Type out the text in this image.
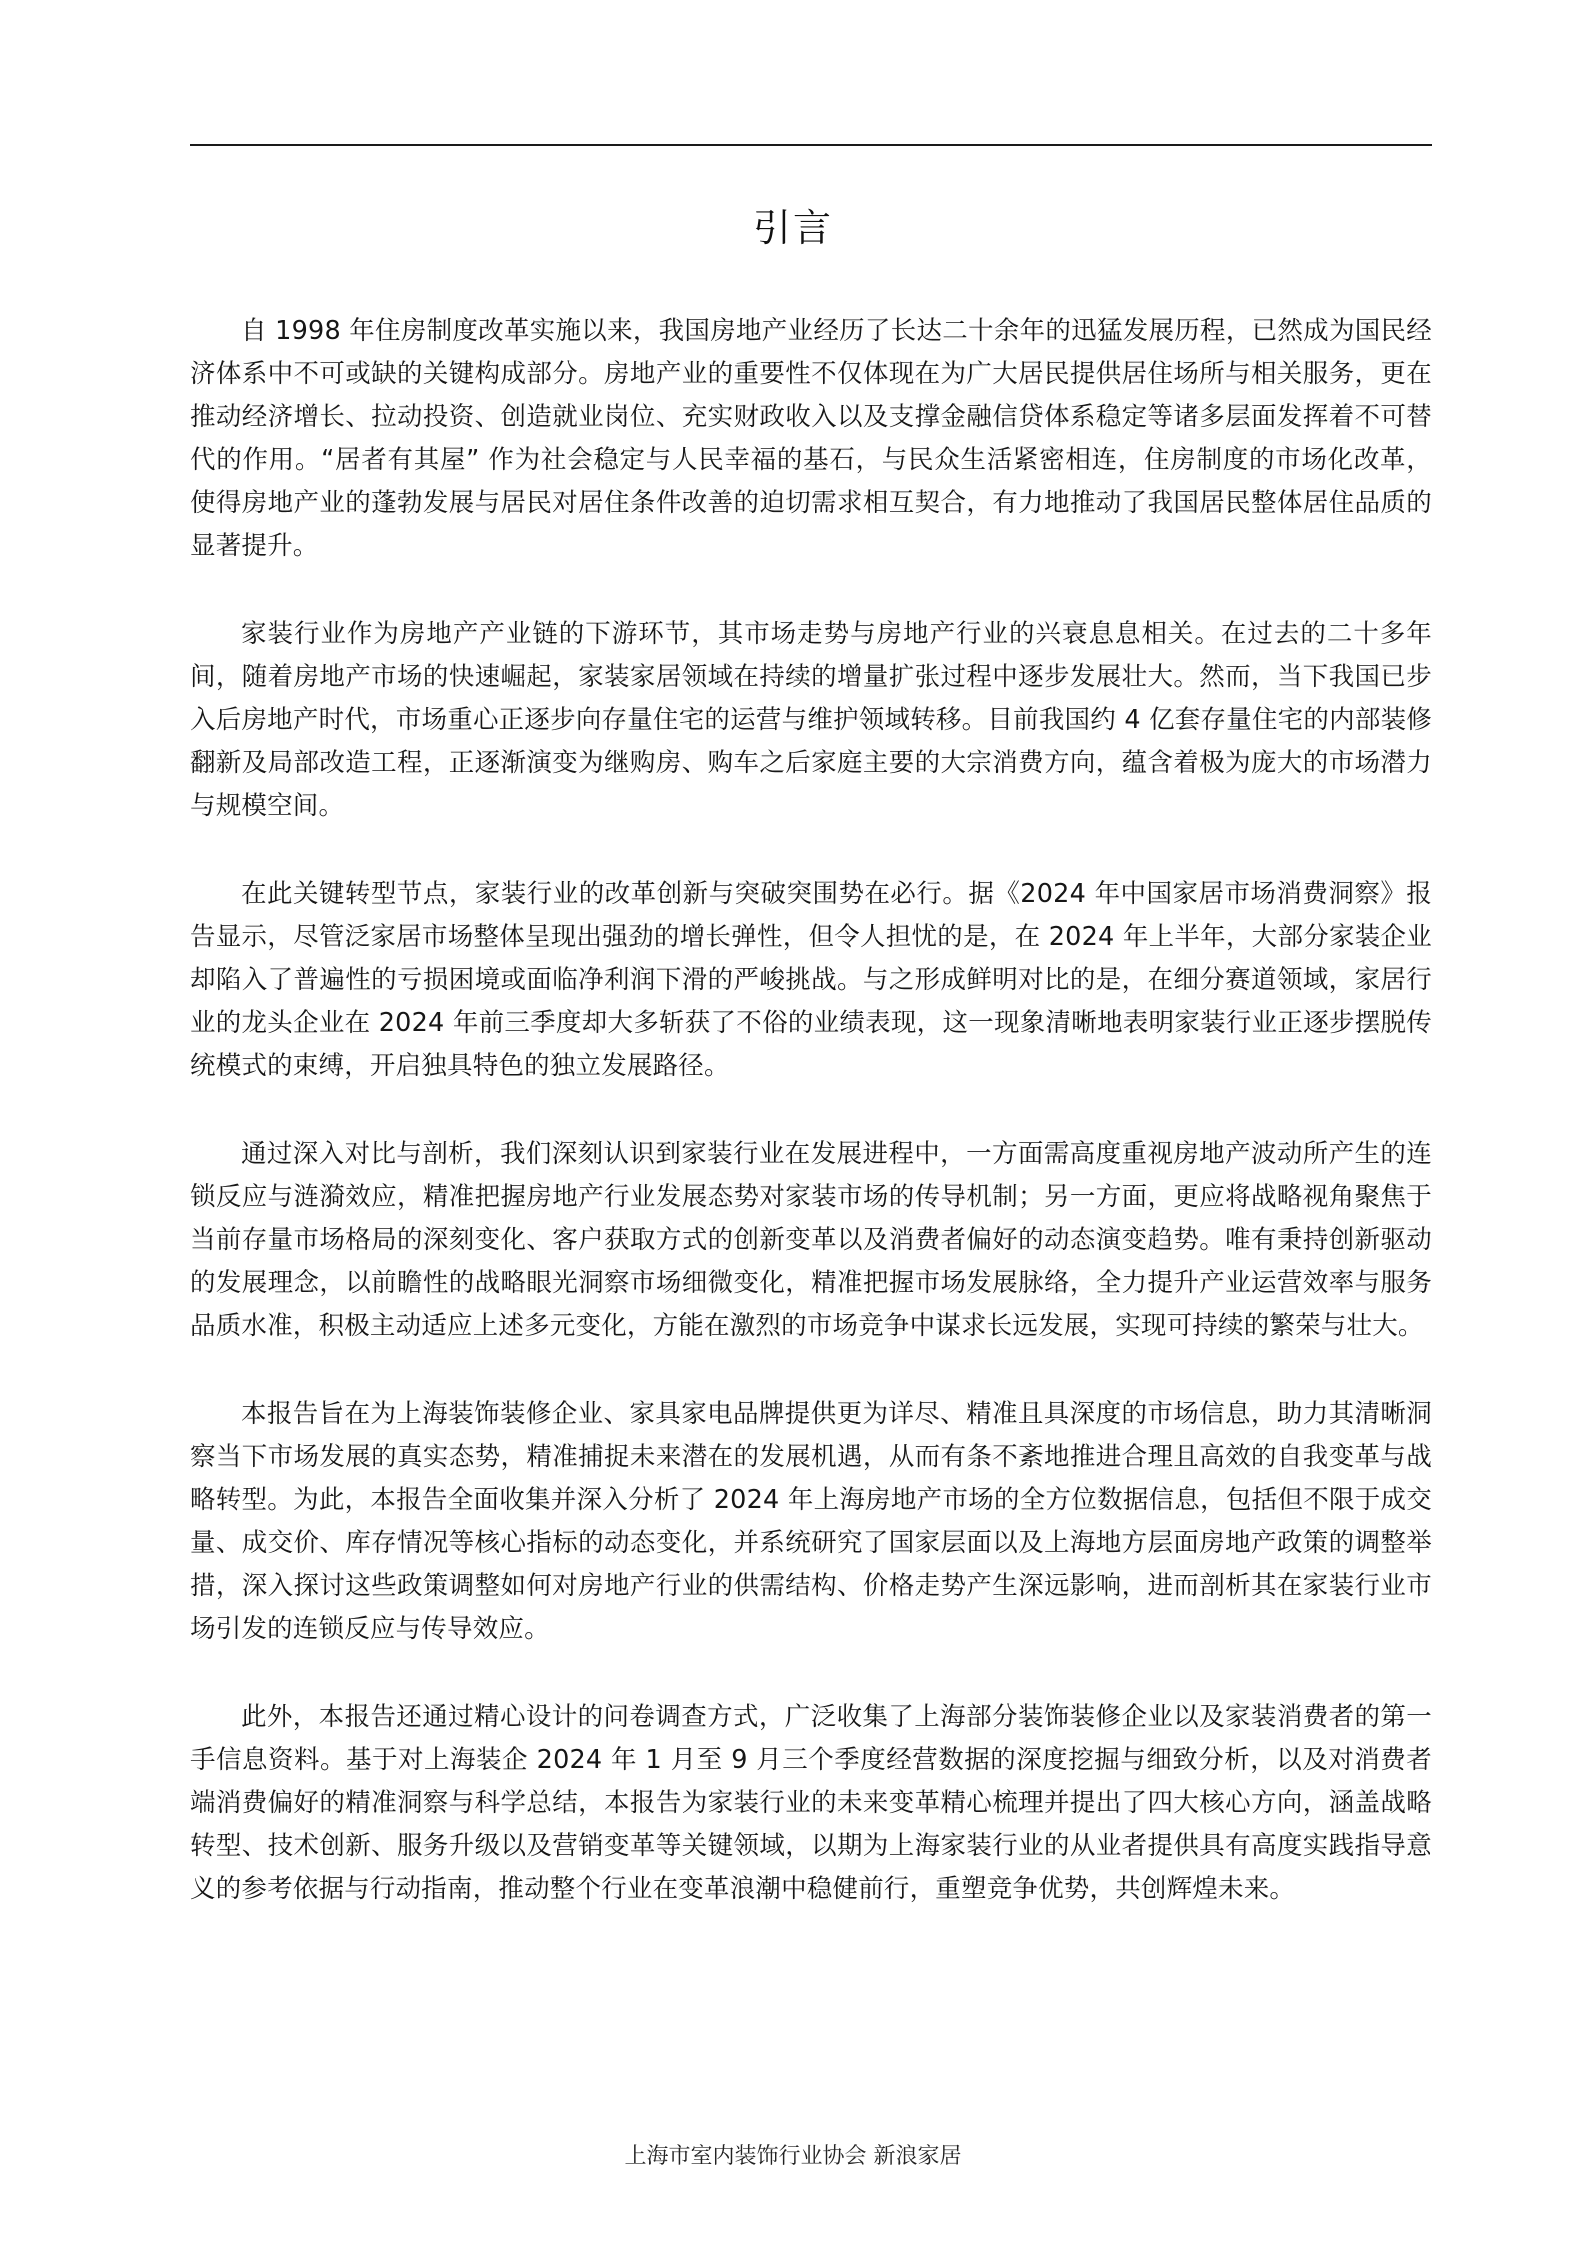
引言

自 1998 年住房制度改革实施以来，我国房地产业经历了长达二十余年的迅猛发展历程，已然成为国民经济体系中不可或缺的关键构成部分。房地产业的重要性不仅体现在为广大居民提供居住场所与相关服务，更在推动经济增长、拉动投资、创造就业岗位、充实财政收入以及支撑金融信贷体系稳定等诸多层面发挥着不可替代的作用。“居者有其屋” 作为社会稳定与人民幸福的基石，与民众生活紧密相连，住房制度的市场化改革，使得房地产业的蓬勃发展与居民对居住条件改善的迫切需求相互契合，有力地推动了我国居民整体居住品质的显著提升。

家装行业作为房地产产业链的下游环节，其市场走势与房地产行业的兴衰息息相关。在过去的二十多年间，随着房地产市场的快速崛起，家装家居领域在持续的增量扩张过程中逐步发展壮大。然而，当下我国已步入后房地产时代，市场重心正逐步向存量住宅的运营与维护领域转移。目前我国约 4 亿套存量住宅的内部装修翻新及局部改造工程，正逐渐演变为继购房、购车之后家庭主要的大宗消费方向，蕴含着极为庞大的市场潜力与规模空间。

在此关键转型节点，家装行业的改革创新与突破突围势在必行。据《2024 年中国家居市场消费洞察》报告显示，尽管泛家居市场整体呈现出强劲的增长弹性，但令人担忧的是，在 2024 年上半年，大部分家装企业却陷入了普遍性的亏损困境或面临净利润下滑的严峻挑战。与之形成鲜明对比的是，在细分赛道领域，家居行业的龙头企业在 2024 年前三季度却大多斩获了不俗的业绩表现，这一现象清晰地表明家装行业正逐步摆脱传统模式的束缚，开启独具特色的独立发展路径。

通过深入对比与剖析，我们深刻认识到家装行业在发展进程中，一方面需高度重视房地产波动所产生的连锁反应与涟漪效应，精准把握房地产行业发展态势对家装市场的传导机制；另一方面，更应将战略视角聚焦于当前存量市场格局的深刻变化、客户获取方式的创新变革以及消费者偏好的动态演变趋势。唯有秉持创新驱动的发展理念，以前瞻性的战略眼光洞察市场细微变化，精准把握市场发展脉络，全力提升产业运营效率与服务品质水准，积极主动适应上述多元变化，方能在激烈的市场竞争中谋求长远发展，实现可持续的繁荣与壮大。

本报告旨在为上海装饰装修企业、家具家电品牌提供更为详尽、精准且具深度的市场信息，助力其清晰洞察当下市场发展的真实态势，精准捕捉未来潜在的发展机遇，从而有条不紊地推进合理且高效的自我变革与战略转型。为此，本报告全面收集并深入分析了 2024 年上海房地产市场的全方位数据信息，包括但不限于成交量、成交价、库存情况等核心指标的动态变化，并系统研究了国家层面以及上海地方层面房地产政策的调整举措，深入探讨这些政策调整如何对房地产行业的供需结构、价格走势产生深远影响，进而剖析其在家装行业市场引发的连锁反应与传导效应。

此外，本报告还通过精心设计的问卷调查方式，广泛收集了上海部分装饰装修企业以及家装消费者的第一手信息资料。基于对上海装企 2024 年 1 月至 9 月三个季度经营数据的深度挖掘与细致分析，以及对消费者端消费偏好的精准洞察与科学总结，本报告为家装行业的未来变革精心梳理并提出了四大核心方向，涵盖战略转型、技术创新、服务升级以及营销变革等关键领域，以期为上海家装行业的从业者提供具有高度实践指导意义的参考依据与行动指南，推动整个行业在变革浪潮中稳健前行，重塑竞争优势，共创辉煌未来。

上海市室内装饰行业协会 新浪家居
